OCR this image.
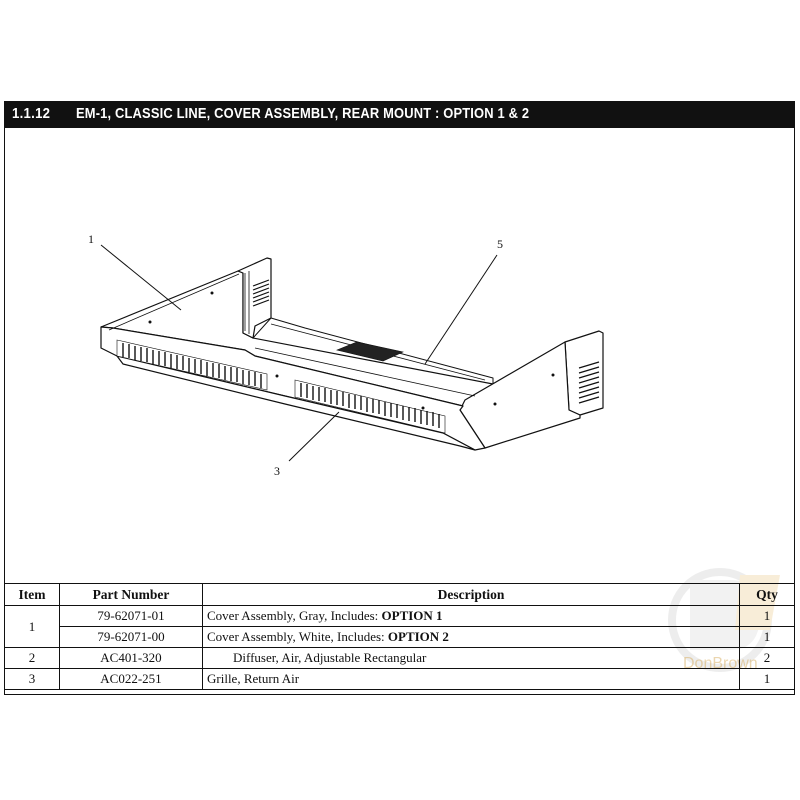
1.1.12 EM-1, CLASSIC LINE, COVER ASSEMBLY, REAR MOUNT : OPTION 1 & 2
1	5
3
DonBrown
Item	Part Number	Description	Qty
1	79-62071-01	Cover Assembly, Gray, Includes: OPTION 1	1
	79-62071-00	Cover Assembly, White, Includes: OPTION 2	1
2	AC401-320	Diffuser, Air, Adjustable Rectangular	2
3	AC022-251	Grille, Return Air	1
